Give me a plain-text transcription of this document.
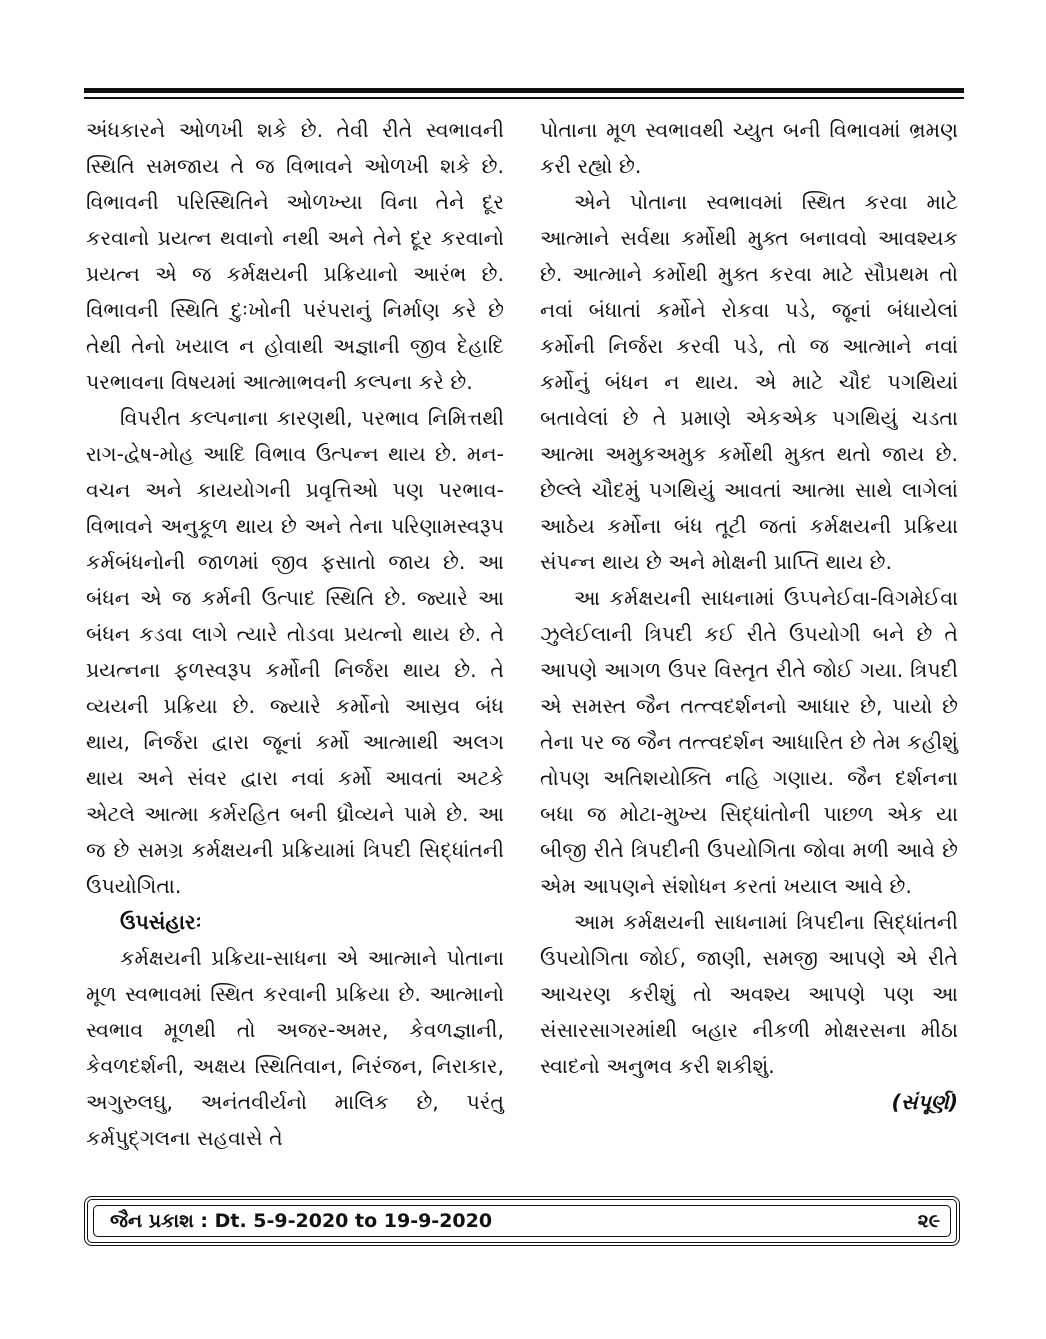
અંધકારને ઓળખી શકે છે. તેવી રીતે સ્વભાવની સ્થિતિ સમજાય તે જ વિભાવને ઓળખી શકે છે. વિભાવની પરિસ્થિતિને ઓળખ્યા વિના તેને દૂર કરવાનો પ્રયત્ન થવાનો નથી અને તેને દૂર કરવાનો પ્રયત્ન એ જ કર્મક્ષયની પ્રક્રિયાનો આરંભ છે. વિભાવની સ્થિતિ દુઃખોની પરંપરાનું નિર્માણ કરે છે તેથી તેનો ખયાલ ન હોવાથી અજ્ઞાની જીવ દેહાદિ પરભાવના વિષયમાં આત્માભવની કલ્પના કરે છે.

વિપરીત કલ્પનાના કારણથી, પરભાવ નિમિત્તથી રાગ-દ્વેષ-મોહ આદિ વિભાવ ઉત્પન્ન થાય છે. મન-વચન અને કાયયોગની પ્રવૃત્તિઓ પણ પરભાવ-વિભાવને અનુકૂળ થાય છે અને તેના પરિણામસ્વરૂપ કર્મબંધનોની જાળમાં જીવ ફસાતો જાય છે. આ બંધન એ જ કર્મની ઉત્પાદ સ્થિતિ છે. જ્યારે આ બંધન કડવા લાગે ત્યારે તોડવા પ્રયત્નો થાય છે. તે પ્રયત્નના ફળસ્વરૂપ કર્મોની નિર્જરા થાય છે. તે વ્યયની પ્રક્રિયા છે. જ્યારે કર્મોનો આસ્રવ બંધ થાય, નિર્જરા દ્વારા જૂનાં કર્મો આત્માથી અલગ થાય અને સંવર દ્વારા નવાં કર્મો આવતાં અટકે એટલે આત્મા કર્મરહિત બની ધ્રૌવ્યને પામે છે. આ જ છે સમગ્ર કર્મક્ષયની પ્રક્રિયામાં ત્રિપદી સિદ્ધાંતની ઉપયોગિતા.

ઉપસંહારઃ

કર્મક્ષયની પ્રક્રિયા-સાધના એ આત્માને પોતાના મૂળ સ્વભાવમાં સ્થિત કરવાની પ્રક્રિયા છે. આત્માનો સ્વભાવ મૂળથી તો અજર-અમર, કેવળજ્ઞાની, કેવળદર્શની, અક્ષય સ્થિતિવાન, નિરંજન, નિરાકાર, અગુરુલઘુ, અનંતવીર્યનો માલિક છે, પરંતુ કર્મપુદ્‌ગલના સહવાસે તે

પોતાના મૂળ સ્વભાવથી ચ્યુત બની વિભાવમાં ભ્રમણ કરી રહ્યો છે.

એને પોતાના સ્વભાવમાં સ્થિત કરવા માટે આત્માને સર્વથા કર્મોથી મુક્ત બનાવવો આવશ્યક છે. આત્માને કર્મોથી મુક્ત કરવા માટે સૌપ્રથમ તો નવાં બંધાતાં કર્મોને રોકવા પડે, જૂનાં બંધાયેલાં કર્મોની નિર્જરા કરવી પડે, તો જ આત્માને નવાં કર્મોનું બંધન ન થાય. એ માટે ચૌદ પગથિયાં બતાવેલાં છે તે પ્રમાણે એકએક પગથિયું ચડતા આત્મા અમુકઅમુક કર્મોથી મુક્ત થતો જાય છે. છેલ્લે ચૌદમું પગથિયું આવતાં આત્મા સાથે લાગેલાં આઠેય કર્મોના બંધ તૂટી જતાં કર્મક્ષયની પ્રક્રિયા સંપન્ન થાય છે અને મોક્ષની પ્રાપ્તિ થાય છે.

આ કર્મક્ષયની સાધનામાં ઉપ્પનેઈવા-વિગમેઈવા ઝુલેઈલાની ત્રિપદી કઈ રીતે ઉપયોગી બને છે તે આપણે આગળ ઉપર વિસ્તૃત રીતે જોઈ ગયા. ત્રિપદી એ સમસ્ત જૈન તત્ત્વદર્શનનો આધાર છે, પાયો છે તેના પર જ જૈન તત્ત્વદર્શન આધારિત છે તેમ કહીશું તોપણ અતિશયોક્તિ નહિ ગણાય. જૈન દર્શનના બધા જ મોટા-મુખ્ય સિદ્ધાંતોની પાછળ એક યા બીજી રીતે ત્રિપદીની ઉપયોગિતા જોવા મળી આવે છે એમ આપણને સંશોધન કરતાં ખયાલ આવે છે.

આમ કર્મક્ષયની સાધનામાં ત્રિપદીના સિદ્ધાંતની ઉપયોગિતા જોઈ, જાણી, સમજી આપણે એ રીતે આચરણ કરીશું તો અવશ્ય આપણે પણ આ સંસારસાગરમાંથી બહાર નીકળી મોક્ષરસના મીઠા સ્વાદનો અનુભવ કરી શકીશું.

(સંપૂર્ણ)

જૈન પ્રકાશ : Dt. 5-9-2020 to 19-9-2020	૨૯
